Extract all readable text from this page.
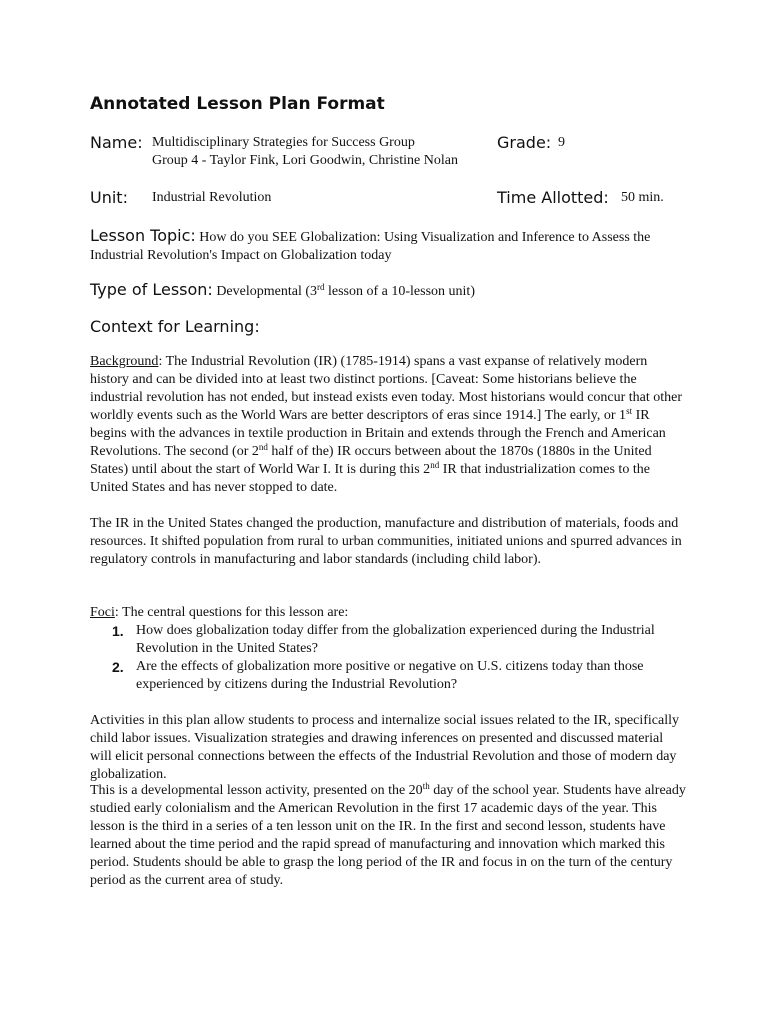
Annotated Lesson Plan Format
Name: Multidisciplinary Strategies for Success Group
Group 4 - Taylor Fink, Lori Goodwin, Christine Nolan
Grade: 9
Unit: Industrial Revolution	Time Allotted: 50 min.

Lesson Topic: How do you SEE Globalization: Using Visualization and Inference to Assess the Industrial Revolution's Impact on Globalization today

Type of Lesson: Developmental (3rd lesson of a 10-lesson unit)

Context for Learning:

Background: The Industrial Revolution (IR) (1785-1914) spans a vast expanse of relatively modern history and can be divided into at least two distinct portions. [Caveat: Some historians believe the industrial revolution has not ended, but instead exists even today. Most historians would concur that other worldly events such as the World Wars are better descriptors of eras since 1914.] The early, or 1st IR begins with the advances in textile production in Britain and extends through the French and American Revolutions. The second (or 2nd half of the) IR occurs between about the 1870s (1880s in the United States) until about the start of World War I. It is during this 2nd IR that industrialization comes to the United States and has never stopped to date.

The IR in the United States changed the production, manufacture and distribution of materials, foods and resources. It shifted population from rural to urban communities, initiated unions and spurred advances in regulatory controls in manufacturing and labor standards (including child labor).

Foci: The central questions for this lesson are:

1. How does globalization today differ from the globalization experienced during the Industrial Revolution in the United States?
2. Are the effects of globalization more positive or negative on U.S. citizens today than those experienced by citizens during the Industrial Revolution?

Activities in this plan allow students to process and internalize social issues related to the IR, specifically child labor issues. Visualization strategies and drawing inferences on presented and discussed material will elicit personal connections between the effects of the Industrial Revolution and those of modern day globalization.

This is a developmental lesson activity, presented on the 20th day of the school year. Students have already studied early colonialism and the American Revolution in the first 17 academic days of the year. This lesson is the third in a series of a ten lesson unit on the IR. In the first and second lesson, students have learned about the time period and the rapid spread of manufacturing and innovation which marked this period. Students should be able to grasp the long period of the IR and focus in on the turn of the century period as the current area of study.
